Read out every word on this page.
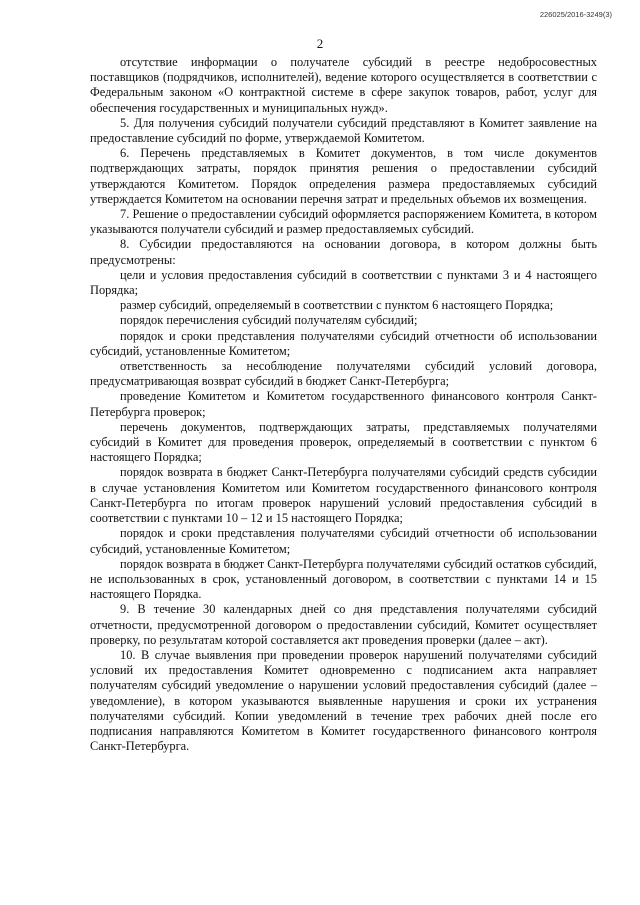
226025/2016-3249(3)
2

отсутствие информации о получателе субсидий в реестре недобросовестных поставщиков (подрядчиков, исполнителей), ведение которого осуществляется в соответствии с Федеральным законом «О контрактной системе в сфере закупок товаров, работ, услуг для обеспечения государственных и муниципальных нужд».

5. Для получения субсидий получатели субсидий представляют в Комитет заявление на предоставление субсидий по форме, утверждаемой Комитетом.

6. Перечень представляемых в Комитет документов, в том числе документов подтверждающих затраты, порядок принятия решения о предоставлении субсидий утверждаются Комитетом. Порядок определения размера предоставляемых субсидий утверждается Комитетом на основании перечня затрат и предельных объемов их возмещения.

7. Решение о предоставлении субсидий оформляется распоряжением Комитета, в котором указываются получатели субсидий и размер предоставляемых субсидий.

8. Субсидии предоставляются на основании договора, в котором должны быть предусмотрены:

цели и условия предоставления субсидий в соответствии с пунктами 3 и 4 настоящего Порядка;

размер субсидий, определяемый в соответствии с пунктом 6 настоящего Порядка;

порядок перечисления субсидий получателям субсидий;

порядок и сроки представления получателями субсидий отчетности об использовании субсидий, установленные Комитетом;

ответственность за несоблюдение получателями субсидий условий договора, предусматривающая возврат субсидий в бюджет Санкт-Петербурга;

проведение Комитетом и Комитетом государственного финансового контроля Санкт-Петербурга проверок;

перечень документов, подтверждающих затраты, представляемых получателями субсидий в Комитет для проведения проверок, определяемый в соответствии с пунктом 6 настоящего Порядка;

порядок возврата в бюджет Санкт-Петербурга получателями субсидий средств субсидии в случае установления Комитетом или Комитетом государственного финансового контроля Санкт-Петербурга по итогам проверок нарушений условий предоставления субсидий в соответствии с пунктами 10 – 12 и 15 настоящего Порядка;

порядок и сроки представления получателями субсидий отчетности об использовании субсидий, установленные Комитетом;

порядок возврата в бюджет Санкт-Петербурга получателями субсидий остатков субсидий, не использованных в срок, установленный договором, в соответствии с пунктами 14 и 15 настоящего Порядка.

9. В течение 30 календарных дней со дня представления получателями субсидий отчетности, предусмотренной договором о предоставлении субсидий, Комитет осуществляет проверку, по результатам которой составляется акт проведения проверки (далее – акт).

10. В случае выявления при проведении проверок нарушений получателями субсидий условий их предоставления Комитет одновременно с подписанием акта направляет получателям субсидий уведомление о нарушении условий предоставления субсидий (далее – уведомление), в котором указываются выявленные нарушения и сроки их устранения получателями субсидий. Копии уведомлений в течение трех рабочих дней после его подписания направляются Комитетом в Комитет государственного финансового контроля Санкт-Петербурга.
